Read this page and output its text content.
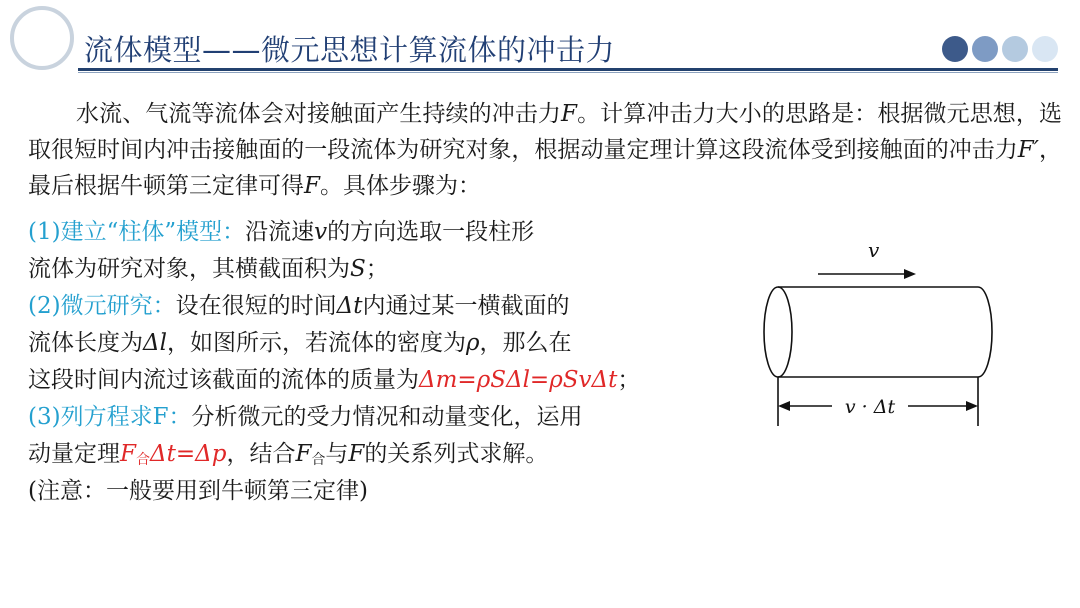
流体模型——微元思想计算流体的冲击力

水流、气流等流体会对接触面产生持续的冲击力F。计算冲击力大小的思路是：根据微元思想，选取很短时间内冲击接触面的一段流体为研究对象，根据动量定理计算这段流体受到接触面的冲击力F′，最后根据牛顿第三定律可得F。具体步骤为：

(1)建立“柱体”模型：沿流速v的方向选取一段柱形
流体为研究对象，其横截面积为S；
(2)微元研究：设在很短的时间Δt内通过某一横截面的
流体长度为Δl，如图所示，若流体的密度为ρ，那么在
这段时间内流过该截面的流体的质量为Δm=ρSΔl=ρSvΔt；
(3)列方程求F：分析微元的受力情况和动量变化，运用
动量定理$F_合\Delta t=\Delta p$，结合$F_合$与F的关系列式求解。
(注意：一般要用到牛顿第三定律)
v
v · Δt
